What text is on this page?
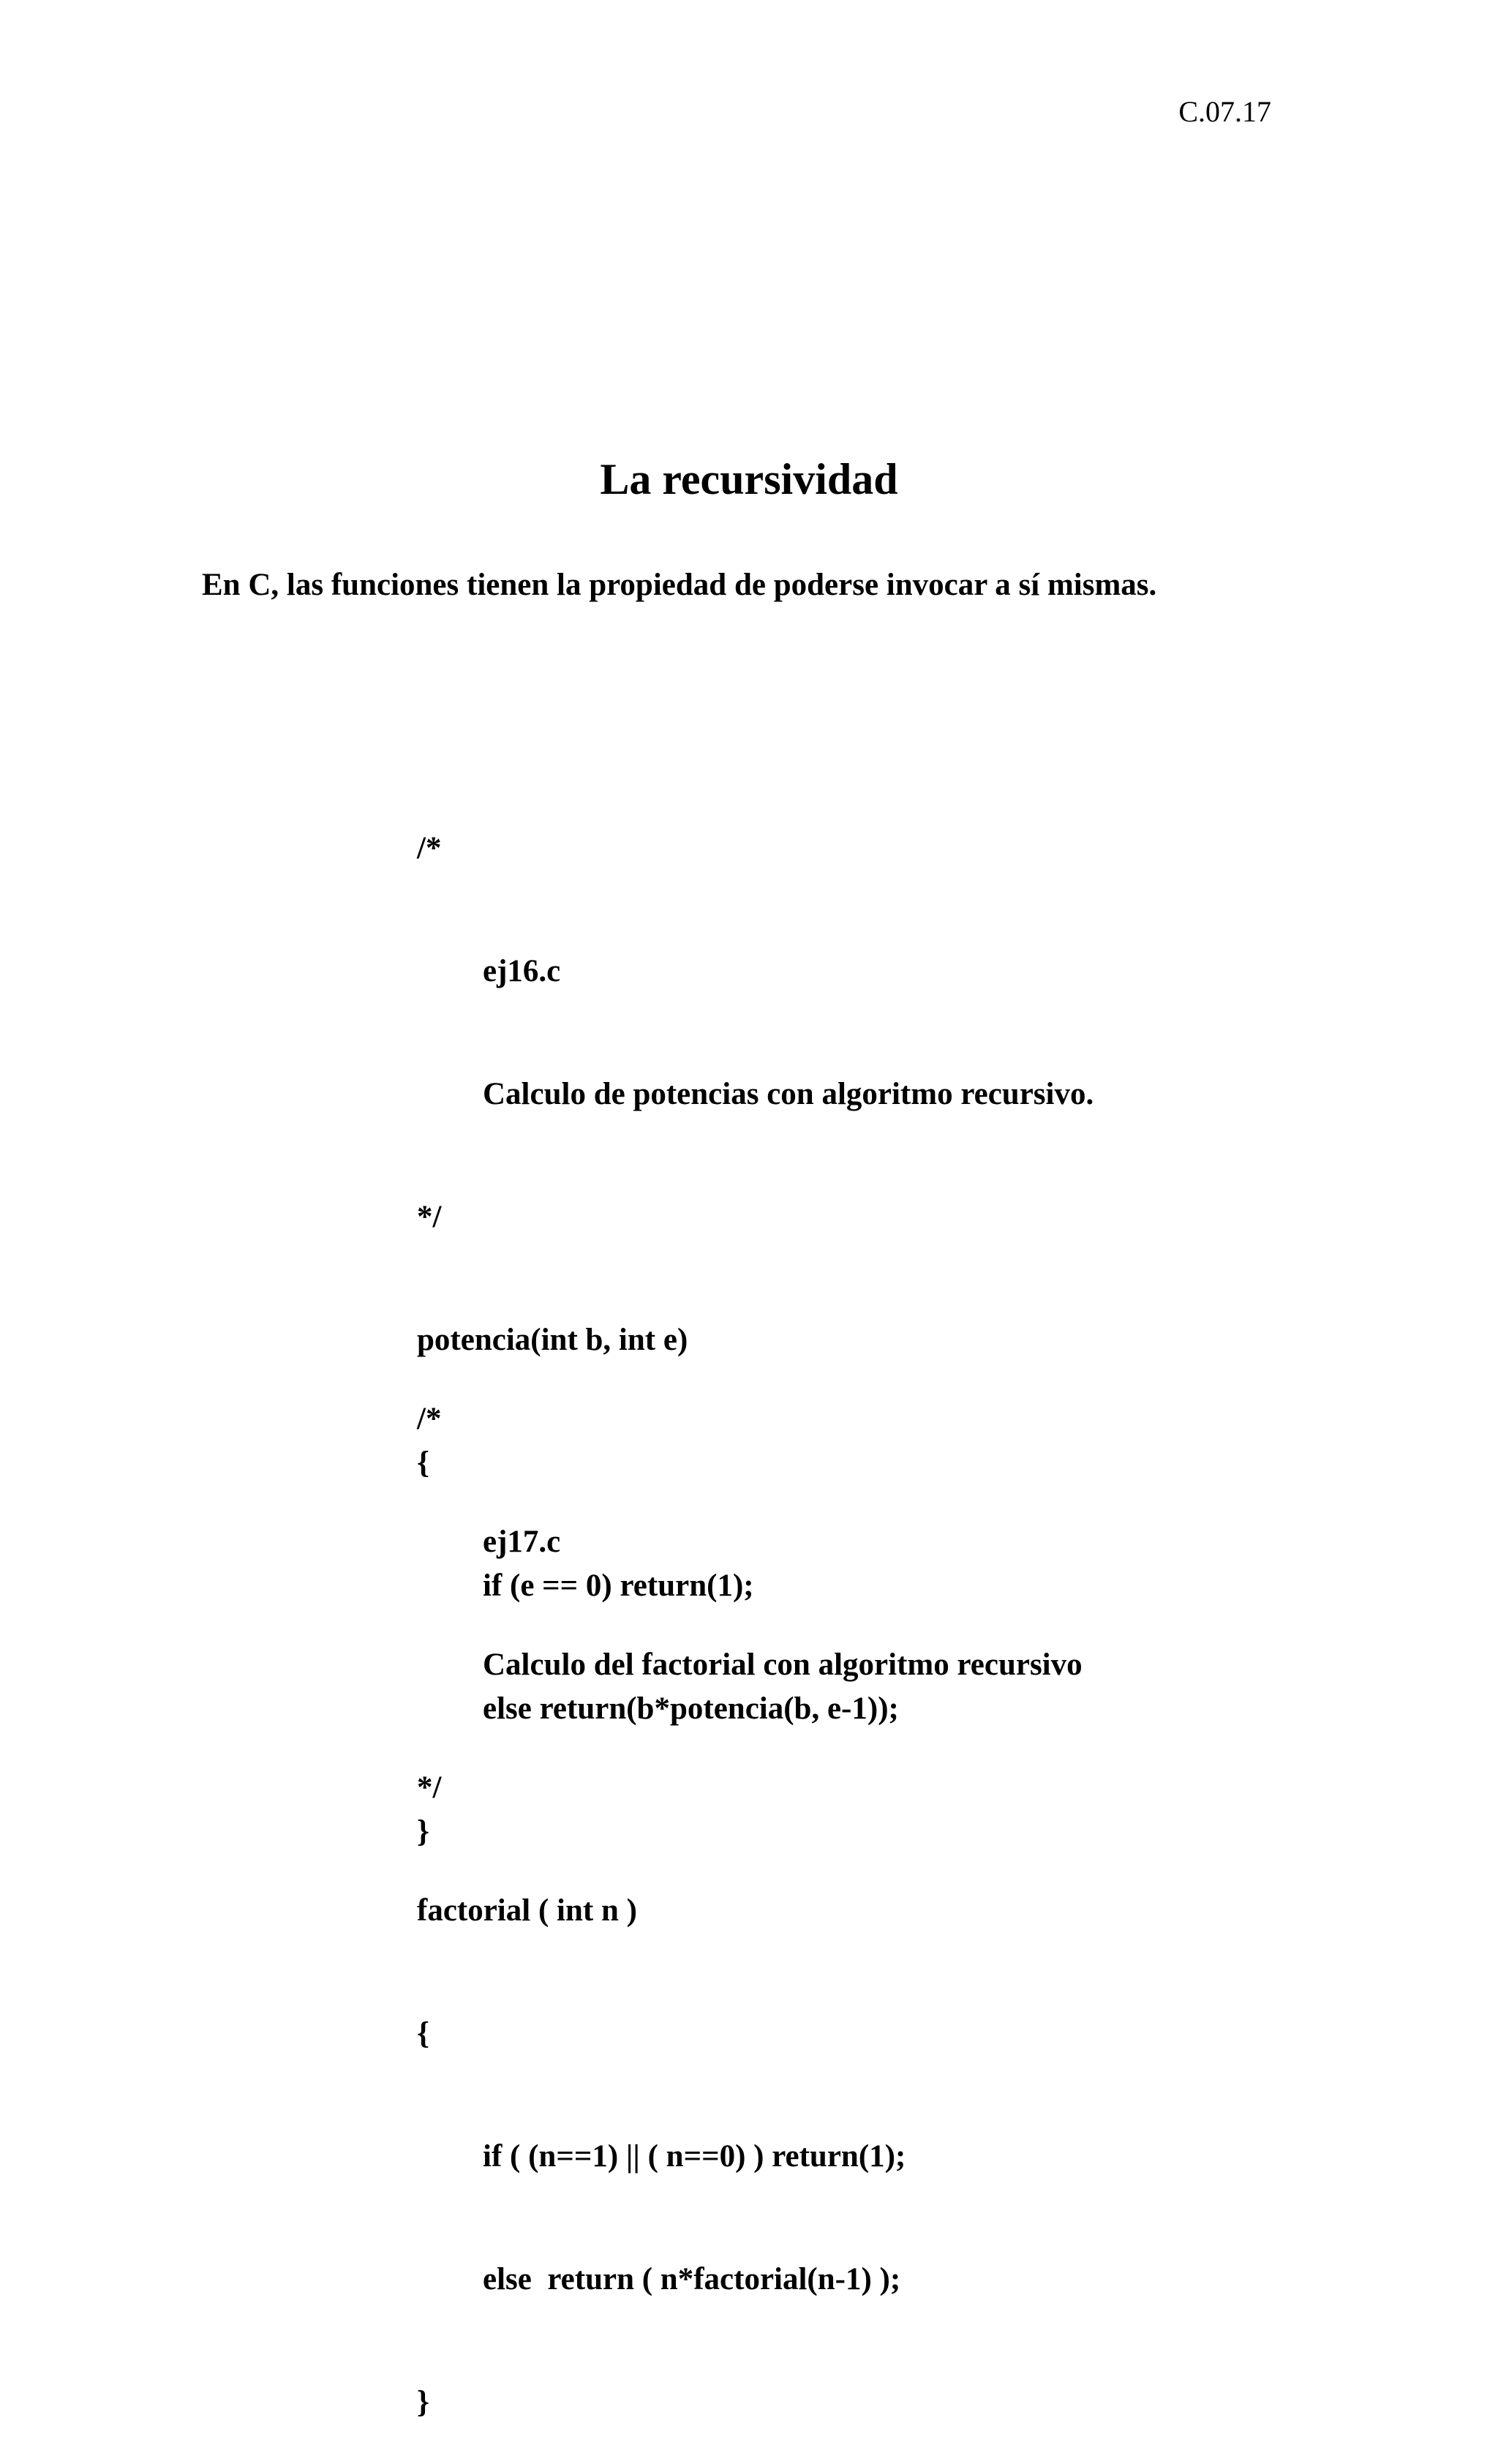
C.07.17
La recursividad

En C, las funciones tienen la propiedad de poderse invocar a sí mismas.

/*

ej16.c

Calculo de potencias con algoritmo recursivo.

*/

potencia(int b, int e)

{

if (e == 0) return(1);

else return(b*potencia(b, e-1));

}

/*

ej17.c

Calculo del factorial con algoritmo recursivo

*/

factorial ( int n )

{

if ( (n==1) || ( n==0) ) return(1);

else  return ( n*factorial(n-1) );

}
